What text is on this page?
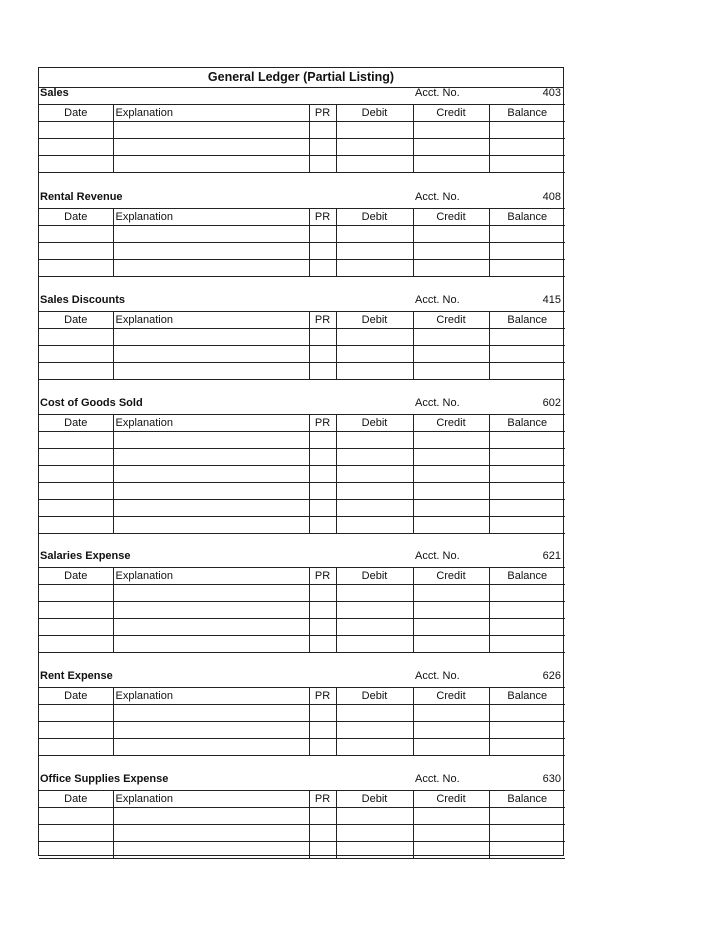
General Ledger (Partial Listing)
Sales	Acct. No.	403
Date	Explanation	PR	Debit	Credit	Balance

Rental Revenue	Acct. No.	408
Date	Explanation	PR	Debit	Credit	Balance

Sales Discounts	Acct. No.	415
Date	Explanation	PR	Debit	Credit	Balance

Cost of Goods Sold	Acct. No.	602
Date	Explanation	PR	Debit	Credit	Balance

Salaries Expense	Acct. No.	621
Date	Explanation	PR	Debit	Credit	Balance

Rent Expense	Acct. No.	626
Date	Explanation	PR	Debit	Credit	Balance

Office Supplies Expense	Acct. No.	630
Date	Explanation	PR	Debit	Credit	Balance
